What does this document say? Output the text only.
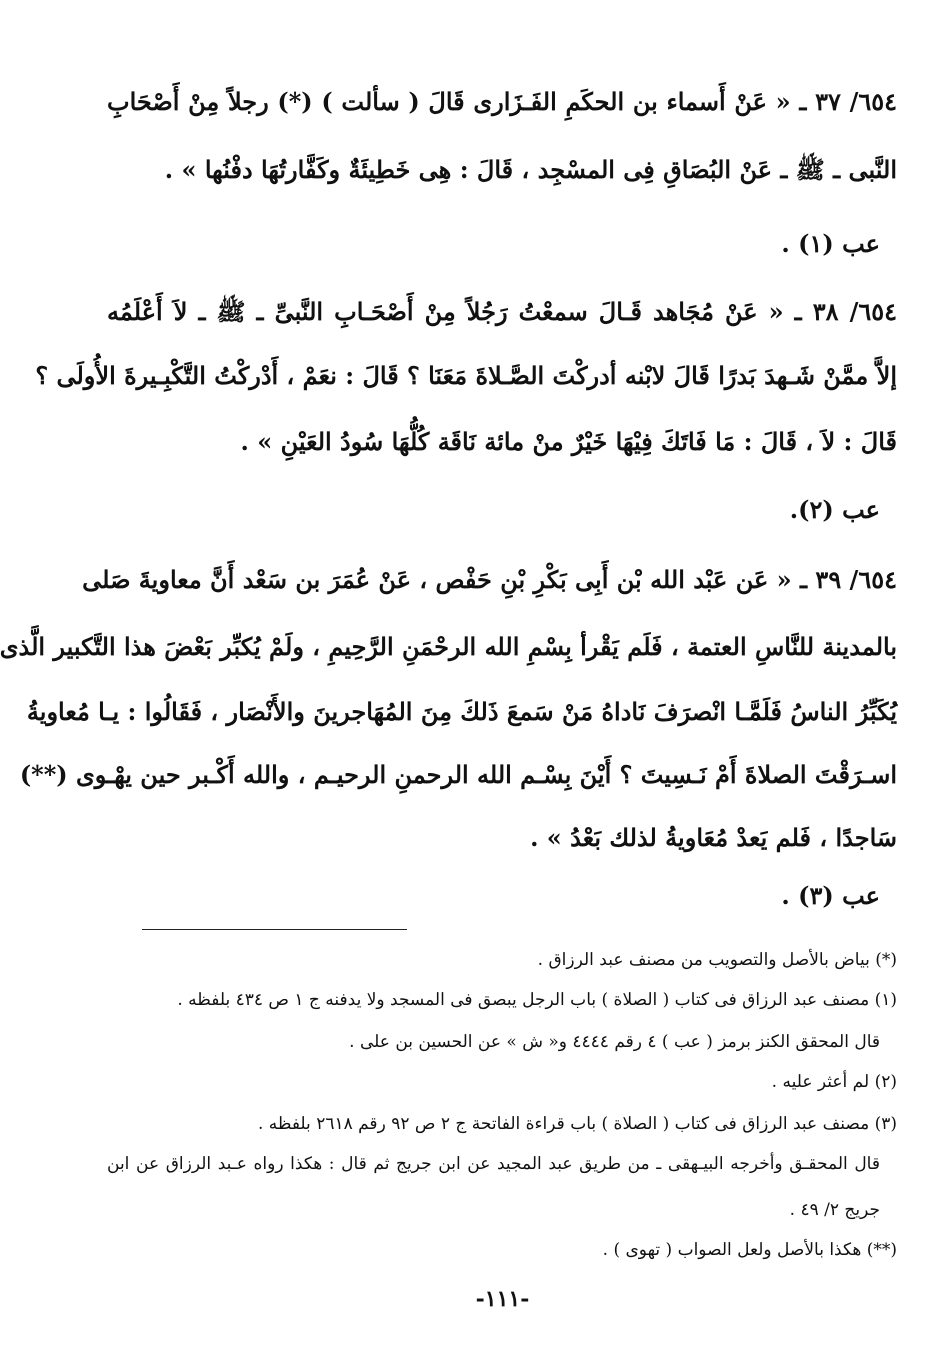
٦٥٤/ ٣٧ ـ « عَنْ أَسماء بن الحكَمِ الفَـزَارى قَالَ ( سألت ) (*) رجلاً مِنْ أَصْحَابِ
النَّبى ـ ﷺ ـ عَنْ البُصَاقِ فِى المسْجِد ، قَالَ : هِى خَطِيئَةٌ وكَفَّارتُهَا دفْنُها » .
عب (١) .
٦٥٤/ ٣٨ ـ « عَنْ مُجَاهد قَـالَ سمعْتُ رَجُلاً مِنْ أَصْحَـابِ النَّبىِّ ـ ﷺ ـ لاَ أَعْلَمُه
إلاَّ ممَّنْ شَـهدَ بَدرًا قَالَ لابْنه أدركْتَ الصَّـلاةَ مَعَنَا ؟ قَالَ : نعَمْ ، أَدْركْتُ التَّكْبِـيرةَ الأُولَى ؟
قَالَ : لاَ ، قَالَ : مَا فَاتَكَ فِيْهَا خَيْرٌ منْ مائة نَاقَة كُلُّهَا سُودُ العَيْنِ » .
عب (٢).
٦٥٤/ ٣٩ ـ « عَن عَبْد الله بْن أَبِى بَكْرِ بْنِ حَفْص ، عَنْ عُمَرَ بن سَعْد أَنَّ معاويةَ صَلى
بالمدينة للنَّاسِ العتمة ، فَلَم يَقْرأ بِسْمِ الله الرحْمَنِ الرَّحِيمِ ، ولَمْ يُكبِّر بَعْضَ هذا التَّكبير الَّذى
يُكَبِّرُ الناسُ فَلَمَّـا انْصرَفَ نَاداهُ مَنْ سَمعَ ذَلكَ مِنَ المُهَاجرينَ والأَنْصَار ، فَقَالُوا : يـا مُعاويةُ
اسـرَقْتَ الصلاةَ أَمْ نَـسِيتَ ؟ أَيْنَ بِسْـم الله الرحمنِ الرحيـم ، والله أَكْـبر حين يهْـوى (**)
سَاجدًا ، فَلم يَعدْ مُعَاويةُ لذلك بَعْدُ » .
عب (٣) .
(*) بياض بالأصل والتصويب من مصنف عبد الرزاق .
(١) مصنف عبد الرزاق فى كتاب ( الصلاة ) باب الرجل يبصق فى المسجد ولا يدفنه ج ١ ص ٤٣٤ بلفظه .
قال المحقق الكنز برمز ( عب ) ٤ رقم ٤٤٤٤ و« ش » عن الحسين بن على .
(٢) لم أعثر عليه .
(٣) مصنف عبد الرزاق فى كتاب ( الصلاة ) باب قراءة الفاتحة ج ٢ ص ٩٢ رقم ٢٦١٨ بلفظه .
قال المحقـق وأخرجه البيـهقى ـ من طريق عبد المجيد عن ابن جريج ثم قال : هكذا رواه عـبد الرزاق عن ابن
جريج ٢/ ٤٩ .
(**) هكذا بالأصل ولعل الصواب ( تهوى ) .
-١١١-
